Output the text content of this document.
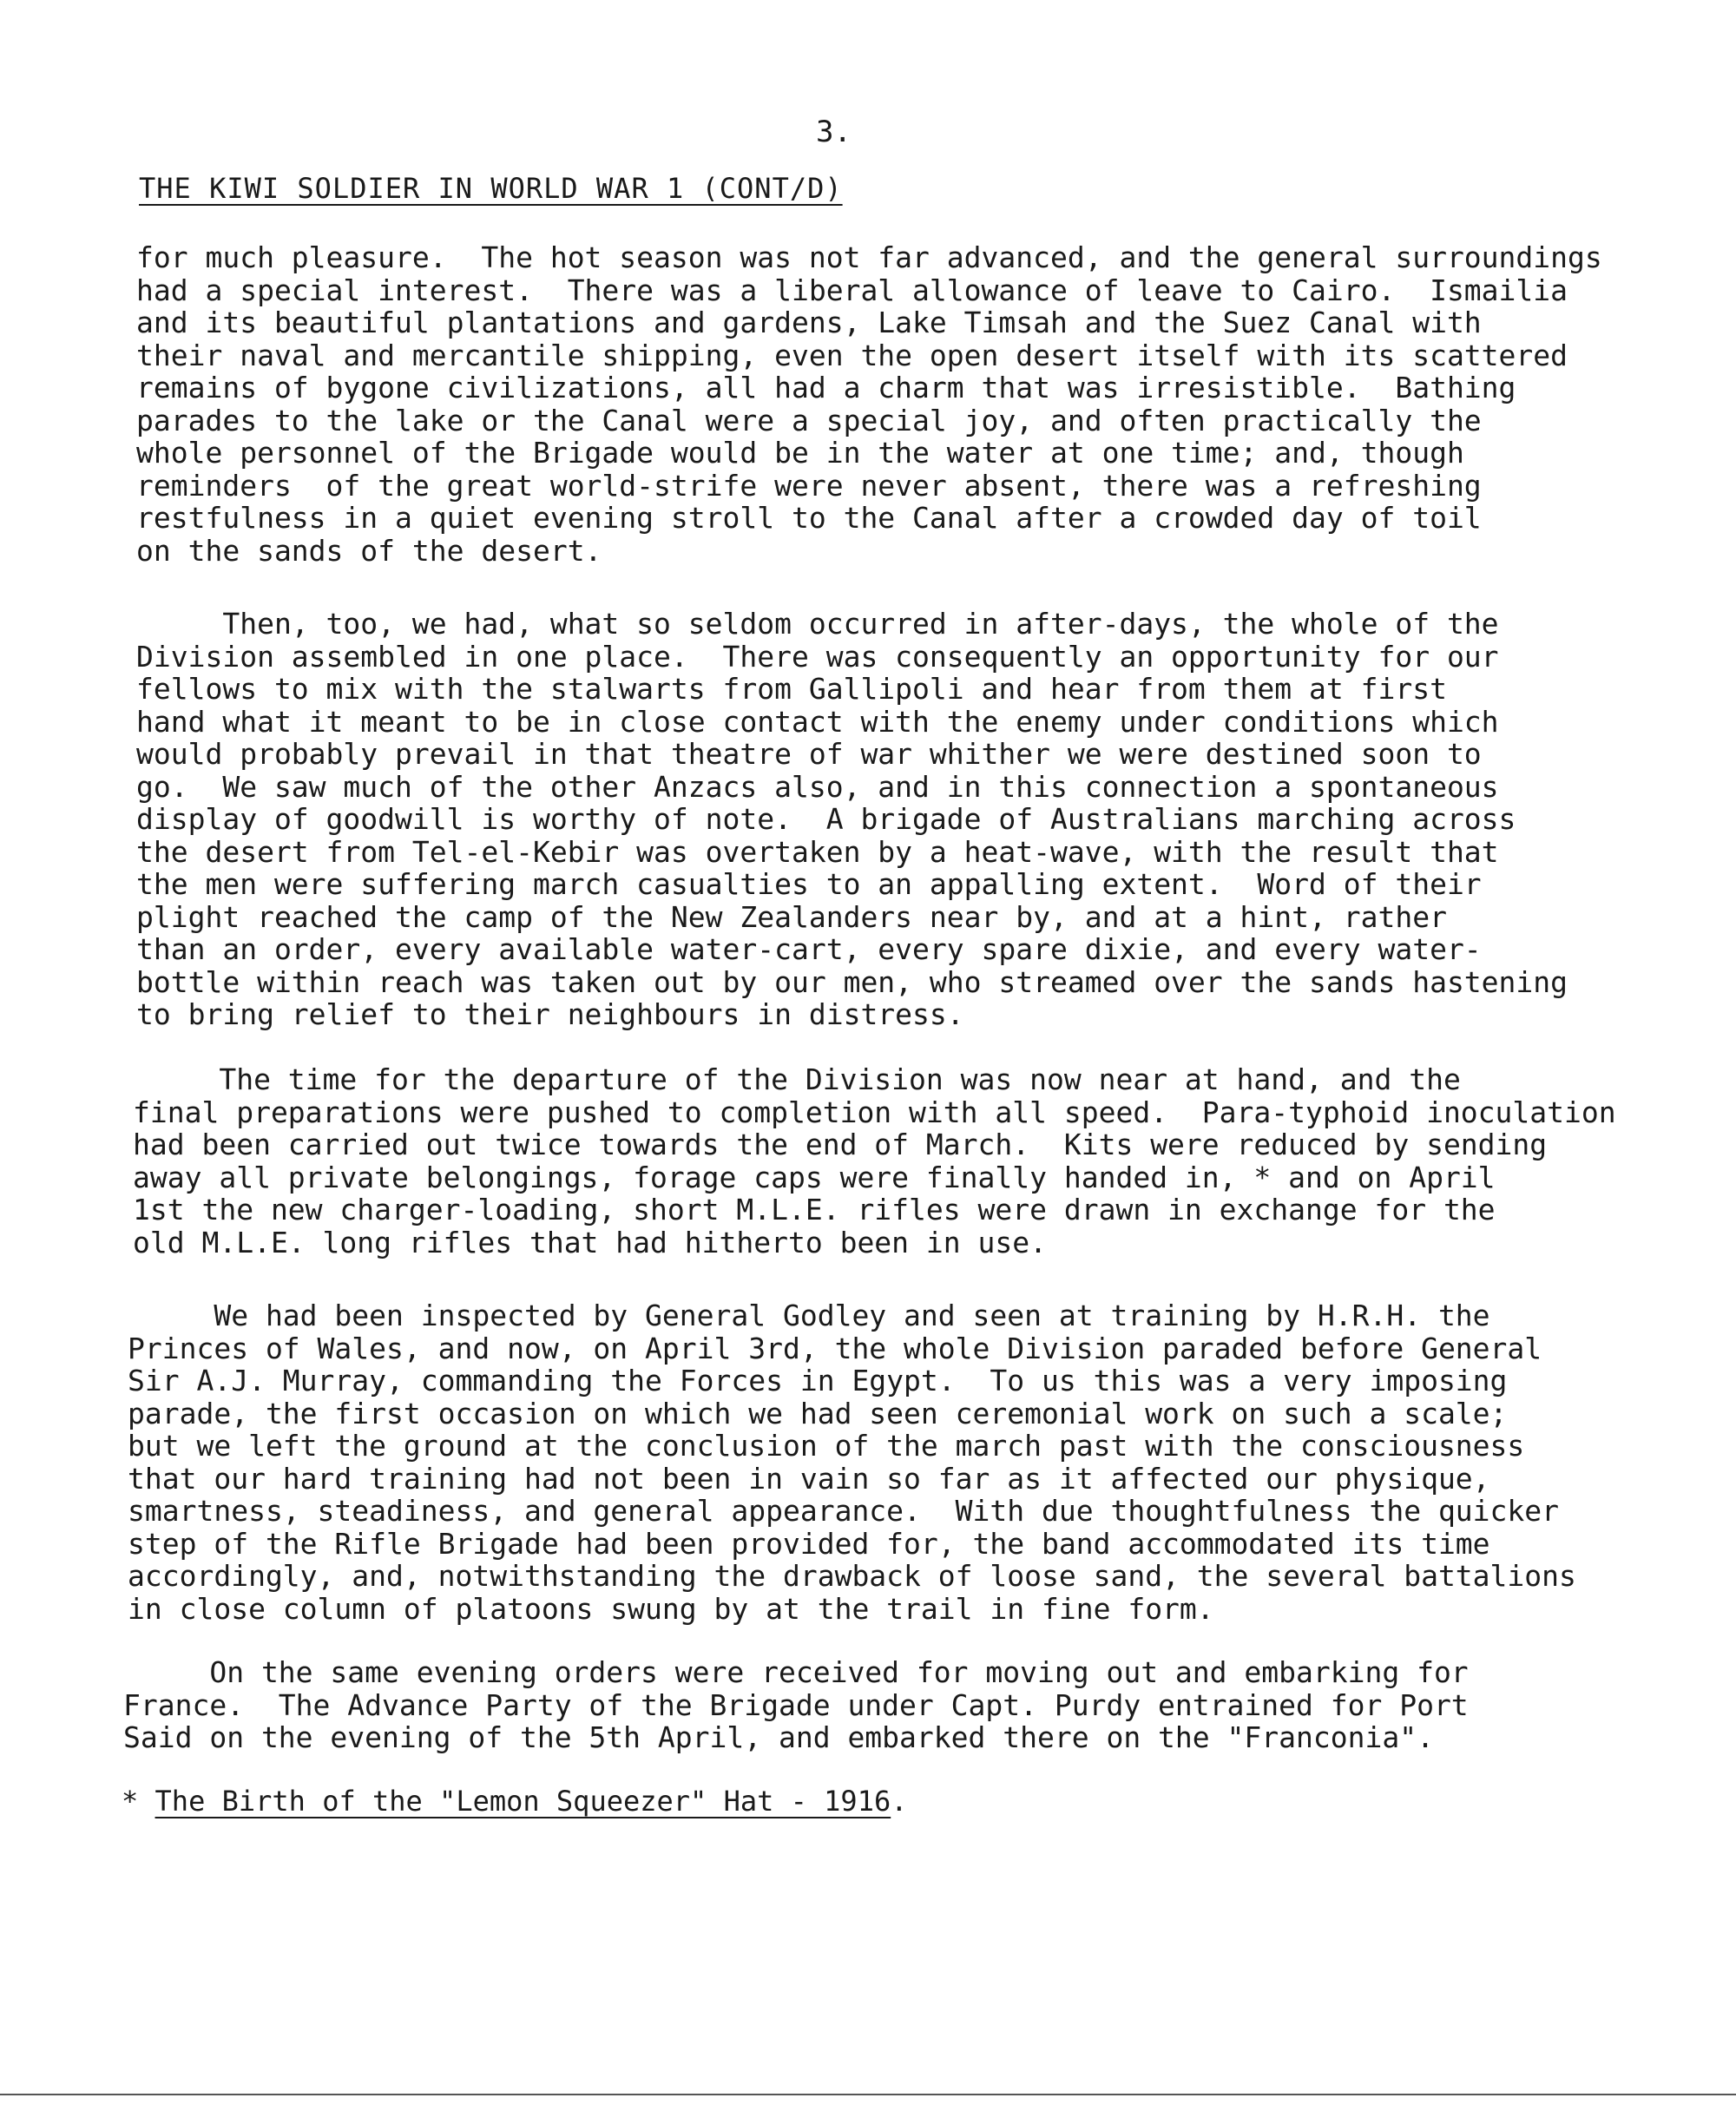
3.
THE KIWI SOLDIER IN WORLD WAR 1 (CONT/D)
for much pleasure.  The hot season was not far advanced, and the general surroundings
had a special interest.  There was a liberal allowance of leave to Cairo.  Ismailia
and its beautiful plantations and gardens, Lake Timsah and the Suez Canal with
their naval and mercantile shipping, even the open desert itself with its scattered
remains of bygone civilizations, all had a charm that was irresistible.  Bathing
parades to the lake or the Canal were a special joy, and often practically the
whole personnel of the Brigade would be in the water at one time; and, though
reminders  of the great world-strife were never absent, there was a refreshing
restfulness in a quiet evening stroll to the Canal after a crowded day of toil
on the sands of the desert.
Then, too, we had, what so seldom occurred in after-days, the whole of the
Division assembled in one place.  There was consequently an opportunity for our
fellows to mix with the stalwarts from Gallipoli and hear from them at first
hand what it meant to be in close contact with the enemy under conditions which
would probably prevail in that theatre of war whither we were destined soon to
go.  We saw much of the other Anzacs also, and in this connection a spontaneous
display of goodwill is worthy of note.  A brigade of Australians marching across
the desert from Tel-el-Kebir was overtaken by a heat-wave, with the result that
the men were suffering march casualties to an appalling extent.  Word of their
plight reached the camp of the New Zealanders near by, and at a hint, rather
than an order, every available water-cart, every spare dixie, and every water-
bottle within reach was taken out by our men, who streamed over the sands hastening
to bring relief to their neighbours in distress.
The time for the departure of the Division was now near at hand, and the
final preparations were pushed to completion with all speed.  Para-typhoid inoculation
had been carried out twice towards the end of March.  Kits were reduced by sending
away all private belongings, forage caps were finally handed in, * and on April
1st the new charger-loading, short M.L.E. rifles were drawn in exchange for the
old M.L.E. long rifles that had hitherto been in use.
We had been inspected by General Godley and seen at training by H.R.H. the
Princes of Wales, and now, on April 3rd, the whole Division paraded before General
Sir A.J. Murray, commanding the Forces in Egypt.  To us this was a very imposing
parade, the first occasion on which we had seen ceremonial work on such a scale;
but we left the ground at the conclusion of the march past with the consciousness
that our hard training had not been in vain so far as it affected our physique,
smartness, steadiness, and general appearance.  With due thoughtfulness the quicker
step of the Rifle Brigade had been provided for, the band accommodated its time
accordingly, and, notwithstanding the drawback of loose sand, the several battalions
in close column of platoons swung by at the trail in fine form.
On the same evening orders were received for moving out and embarking for
France.  The Advance Party of the Brigade under Capt. Purdy entrained for Port
Said on the evening of the 5th April, and embarked there on the "Franconia".
* The Birth of the "Lemon Squeezer" Hat - 1916.
